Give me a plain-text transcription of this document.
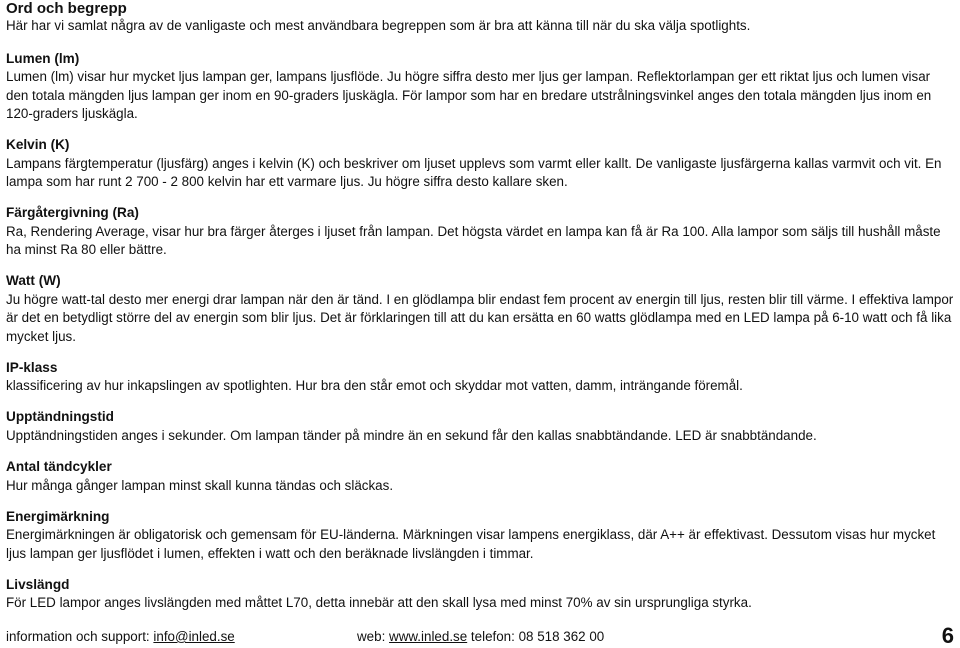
Ord och begrepp

Här har vi samlat några av de vanligaste och mest användbara begreppen som är bra att känna till när du ska välja spotlights.

Lumen (lm)

Lumen (lm) visar hur mycket ljus lampan ger, lampans ljusflöde. Ju högre siffra desto mer ljus ger lampan. Reflektorlampan ger ett riktat ljus och lumen visar den totala mängden ljus lampan ger inom en 90-graders ljuskägla. För lampor som har en bredare utstrålningsvinkel anges den totala mängden ljus inom en 120-graders ljuskägla.

Kelvin (K)

Lampans färgtemperatur (ljusfärg) anges i kelvin (K) och beskriver om ljuset upplevs som varmt eller kallt. De vanligaste ljusfärgerna kallas varmvit och vit. En lampa som har runt 2 700 - 2 800 kelvin har ett varmare ljus. Ju högre siffra desto kallare sken.

Färgåtergivning (Ra)

Ra, Rendering Average, visar hur bra färger återges i ljuset från lampan. Det högsta värdet en lampa kan få är Ra 100. Alla lampor som säljs till hushåll måste ha minst Ra 80 eller bättre.

Watt (W)

Ju högre watt-tal desto mer energi drar lampan när den är tänd. I en glödlampa blir endast fem procent av energin till ljus, resten blir till värme. I effektiva lampor är det en betydligt större del av energin som blir ljus. Det är förklaringen till att du kan ersätta en 60 watts glödlampa med en LED lampa på 6-10 watt och få lika mycket ljus.

IP-klass

klassificering av hur inkapslingen av spotlighten. Hur bra den står emot och skyddar mot vatten, damm, inträngande föremål.

Upptändningstid

Upptändningstiden anges i sekunder. Om lampan tänder på mindre än en sekund får den kallas snabbtändande. LED är snabbtändande.

Antal tändcykler

Hur många gånger lampan minst skall kunna tändas och släckas.

Energimärkning

Energimärkningen är obligatorisk och gemensam för EU-länderna. Märkningen visar lampens energiklass, där A++ är effektivast. Dessutom visas hur mycket ljus lampan ger ljusflödet i lumen, effekten i watt och den beräknade livslängden i timmar.

Livslängd

För LED lampor anges livslängden med måttet L70, detta innebär att den skall lysa med minst 70% av sin ursprungliga styrka.

information och support: info@inled.se	web: www.inled.se telefon: 08 518 362 00	6
